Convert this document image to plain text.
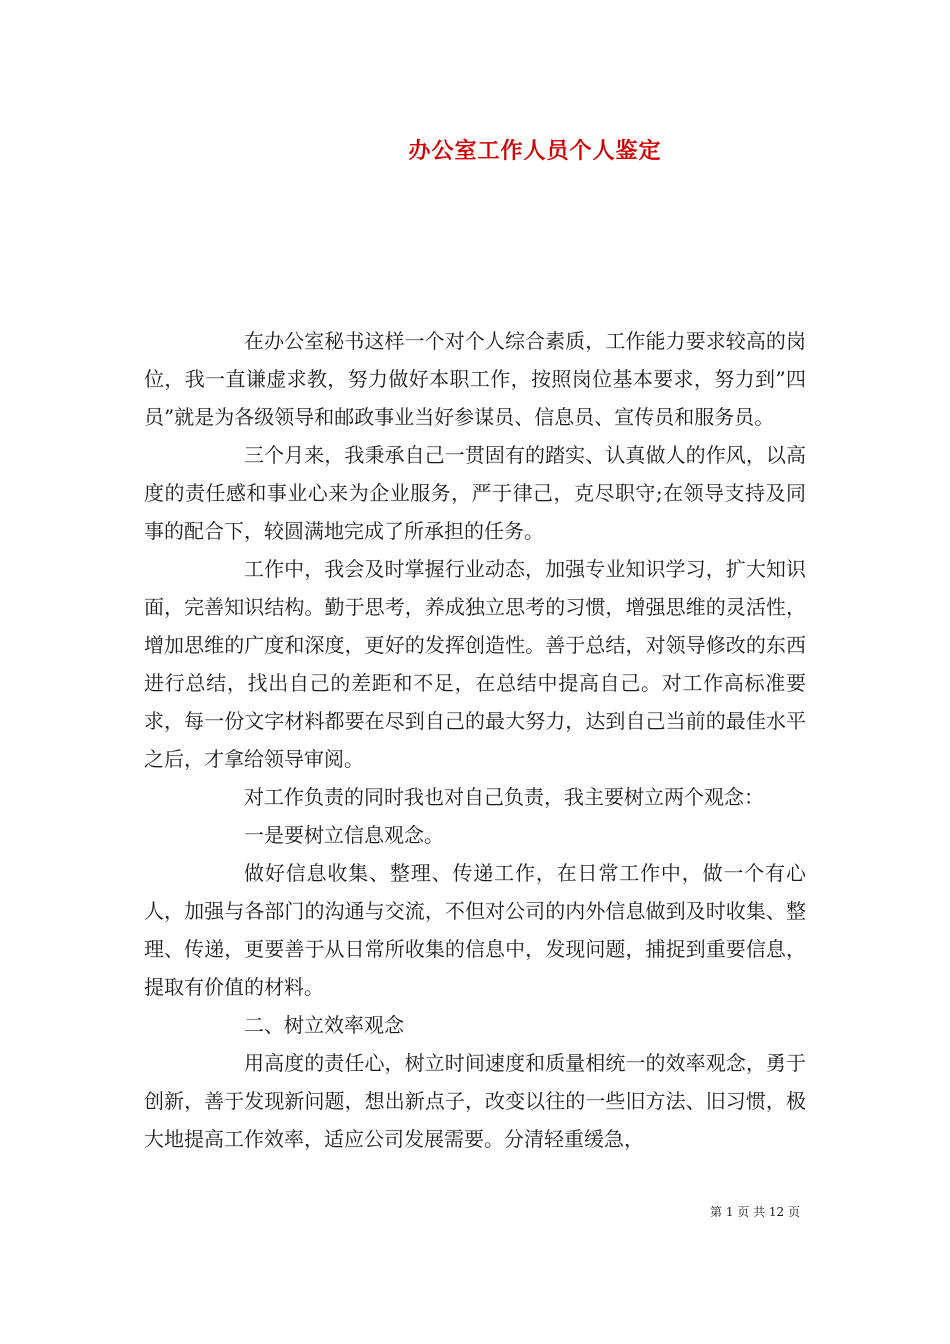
办公室工作人员个人鉴定

在办公室秘书这样一个对个人综合素质，工作能力要求较高的岗位，我一直谦虚求教，努力做好本职工作，按照岗位基本要求，努力到”四员”就是为各级领导和邮政事业当好参谋员、信息员、宣传员和服务员。

三个月来，我秉承自己一贯固有的踏实、认真做人的作风，以高度的责任感和事业心来为企业服务，严于律己，克尽职守;在领导支持及同事的配合下，较圆满地完成了所承担的任务。

工作中，我会及时掌握行业动态，加强专业知识学习，扩大知识面，完善知识结构。勤于思考，养成独立思考的习惯，增强思维的灵活性，增加思维的广度和深度，更好的发挥创造性。善于总结，对领导修改的东西进行总结，找出自己的差距和不足，在总结中提高自己。对工作高标准要求，每一份文字材料都要在尽到自己的最大努力，达到自己当前的最佳水平之后，才拿给领导审阅。

对工作负责的同时我也对自己负责，我主要树立两个观念：

一是要树立信息观念。

做好信息收集、整理、传递工作，在日常工作中，做一个有心人，加强与各部门的沟通与交流，不但对公司的内外信息做到及时收集、整理、传递，更要善于从日常所收集的信息中，发现问题，捕捉到重要信息，提取有价值的材料。

二、树立效率观念

用高度的责任心，树立时间速度和质量相统一的效率观念，勇于创新，善于发现新问题，想出新点子，改变以往的一些旧方法、旧习惯，极大地提高工作效率，适应公司发展需要。分清轻重缓急，

第 1 页 共 12 页
